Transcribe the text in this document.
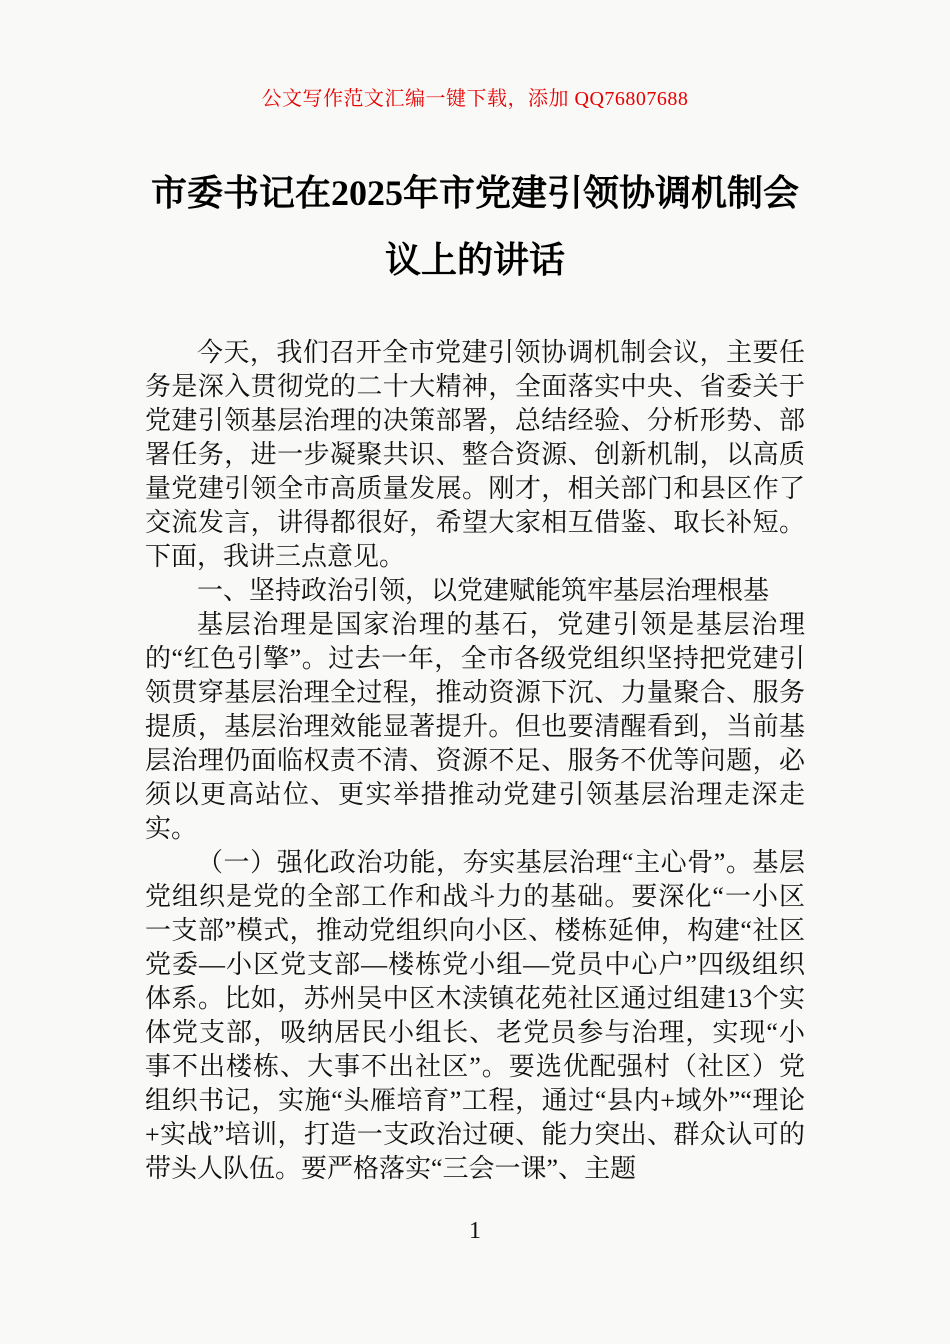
公文写作范文汇编一键下载，添加 QQ76807688
市委书记在2025年市党建引领协调机制会议上的讲话

今天，我们召开全市党建引领协调机制会议，主要任务是深入贯彻党的二十大精神，全面落实中央、省委关于党建引领基层治理的决策部署，总结经验、分析形势、部署任务，进一步凝聚共识、整合资源、创新机制，以高质量党建引领全市高质量发展。刚才，相关部门和县区作了交流发言，讲得都很好，希望大家相互借鉴、取长补短。下面，我讲三点意见。

一、坚持政治引领，以党建赋能筑牢基层治理根基

基层治理是国家治理的基石，党建引领是基层治理的“红色引擎”。过去一年，全市各级党组织坚持把党建引领贯穿基层治理全过程，推动资源下沉、力量聚合、服务提质，基层治理效能显著提升。但也要清醒看到，当前基层治理仍面临权责不清、资源不足、服务不优等问题，必须以更高站位、更实举措推动党建引领基层治理走深走实。

（一）强化政治功能，夯实基层治理“主心骨”。基层党组织是党的全部工作和战斗力的基础。要深化“一小区一支部”模式，推动党组织向小区、楼栋延伸，构建“社区党委—小区党支部—楼栋党小组—党员中心户”四级组织体系。比如，苏州吴中区木渎镇花苑社区通过组建13个实体党支部，吸纳居民小组长、老党员参与治理，实现“小事不出楼栋、大事不出社区”。要选优配强村（社区）党组织书记，实施“头雁培育”工程，通过“县内+域外”“理论+实战”培训，打造一支政治过硬、能力突出、群众认可的带头人队伍。要严格落实“三会一课”、主题

1
